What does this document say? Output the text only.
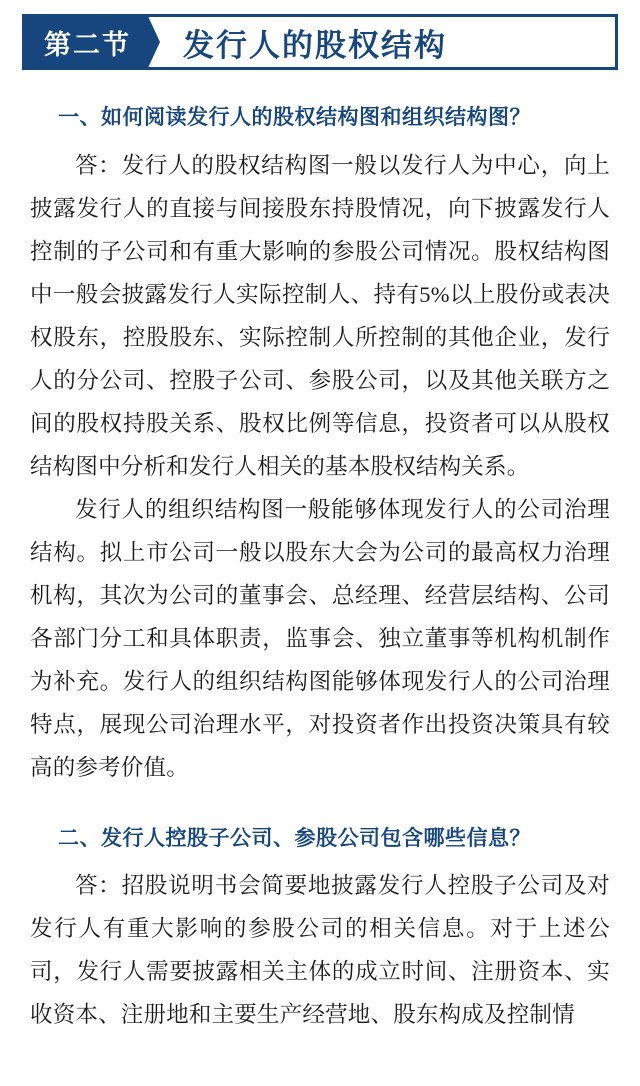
第二节 发行人的股权结构
一、如何阅读发行人的股权结构图和组织结构图？

答：发行人的股权结构图一般以发行人为中心，向上披露发行人的直接与间接股东持股情况，向下披露发行人控制的子公司和有重大影响的参股公司情况。股权结构图中一般会披露发行人实际控制人、持有5%以上股份或表决权股东，控股股东、实际控制人所控制的其他企业，发行人的分公司、控股子公司、参股公司，以及其他关联方之间的股权持股关系、股权比例等信息，投资者可以从股权结构图中分析和发行人相关的基本股权结构关系。

发行人的组织结构图一般能够体现发行人的公司治理结构。拟上市公司一般以股东大会为公司的最高权力治理机构，其次为公司的董事会、总经理、经营层结构、公司各部门分工和具体职责，监事会、独立董事等机构机制作为补充。发行人的组织结构图能够体现发行人的公司治理特点，展现公司治理水平，对投资者作出投资决策具有较高的参考价值。

二、发行人控股子公司、参股公司包含哪些信息？

答：招股说明书会简要地披露发行人控股子公司及对发行人有重大影响的参股公司的相关信息。对于上述公司，发行人需要披露相关主体的成立时间、注册资本、实收资本、注册地和主要生产经营地、股东构成及控制情
